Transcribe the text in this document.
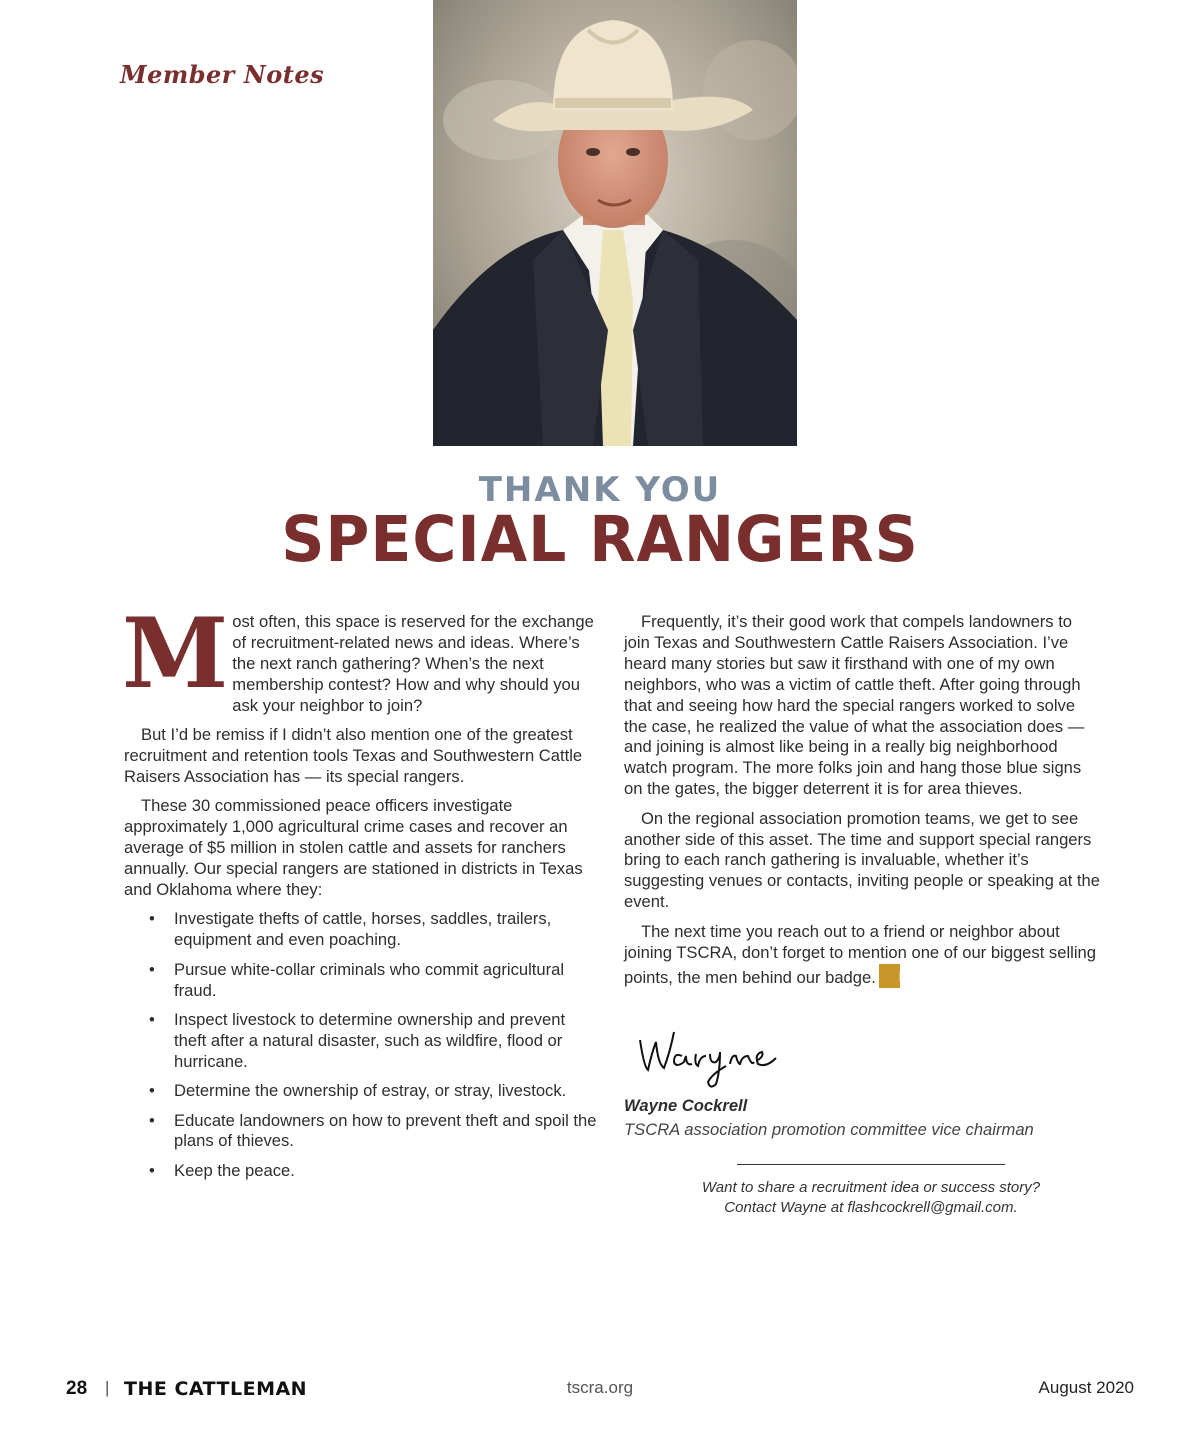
Member Notes
THANK YOU
SPECIAL RANGERS

Most often, this space is reserved for the exchange of recruitment-related news and ideas. Where’s the next ranch gathering? When’s the next membership contest? How and why should you ask your neighbor to join?

But I’d be remiss if I didn’t also mention one of the greatest recruitment and retention tools Texas and Southwestern Cattle Raisers Association has — its special rangers.

These 30 commissioned peace officers investigate approximately 1,000 agricultural crime cases and recover an average of $5 million in stolen cattle and assets for ranchers annually. Our special rangers are stationed in districts in Texas and Oklahoma where they:

• Investigate thefts of cattle, horses, saddles, trailers, equipment and even poaching.
• Pursue white-collar criminals who commit agricultural fraud.
• Inspect livestock to determine ownership and prevent theft after a natural disaster, such as wildfire, flood or hurricane.
• Determine the ownership of estray, or stray, livestock.
• Educate landowners on how to prevent theft and spoil the plans of thieves.
• Keep the peace.

Frequently, it’s their good work that compels landowners to join Texas and Southwestern Cattle Raisers Association. I’ve heard many stories but saw it firsthand with one of my own neighbors, who was a victim of cattle theft. After going through that and seeing how hard the special rangers worked to solve the case, he realized the value of what the association does — and joining is almost like being in a really big neighborhood watch program. The more folks join and hang those blue signs on the gates, the bigger deterrent it is for area thieves.

On the regional association promotion teams, we get to see another side of this asset. The time and support special rangers bring to each ranch gathering is invaluable, whether it’s suggesting venues or contacts, inviting people or speaking at the event.

The next time you reach out to a friend or neighbor about joining TSCRA, don’t forget to mention one of our biggest selling points, the men behind our badge.	↱

Wayne Cockrell
TSCRA association promotion committee vice chairman
Want to share a recruitment idea or success story?
Contact Wayne at flashcockrell@gmail.com.
28 | THE CATTLEMAN	tscra.org	August 2020
